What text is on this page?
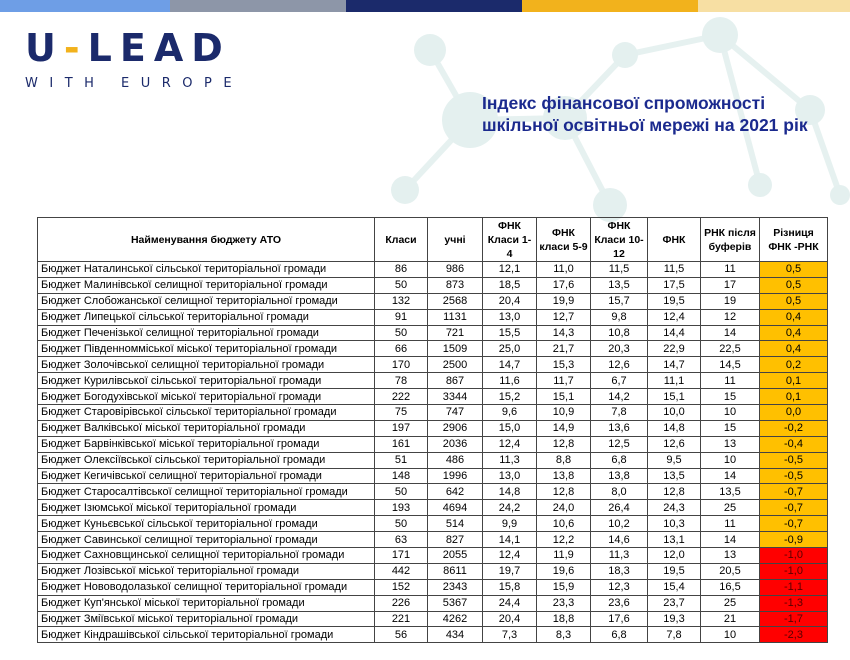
U-LEAD
WITH EUROPE
Індекс фінансової спроможності
шкільної освітньої мережі на 2021 рік
Найменування бюджету АТО	Класи	учні	ФНК Класи 1-4	ФНК класи 5-9	ФНК Класи 10-12	ФНК	РНК після буферів	Різниця ФНК -РНК
Бюджет Наталинської сільської територіальної громади	86	986	12,1	11,0	11,5	11,5	11	0,5
Бюджет Малинівської селищної територіальної громади	50	873	18,5	17,6	13,5	17,5	17	0,5
Бюджет Слобожанської селищної територіальної громади	132	2568	20,4	19,9	15,7	19,5	19	0,5
Бюджет Липецької сільської територіальної громади	91	1131	13,0	12,7	9,8	12,4	12	0,4
Бюджет Печенізької селищної територіальної громади	50	721	15,5	14,3	10,8	14,4	14	0,4
Бюджет Південномміської міської територіальної громади	66	1509	25,0	21,7	20,3	22,9	22,5	0,4
Бюджет Золочівської селищної територіальної громади	170	2500	14,7	15,3	12,6	14,7	14,5	0,2
Бюджет Курилівської сільської територіальної громади	78	867	11,6	11,7	6,7	11,1	11	0,1
Бюджет Богодухівської міської територіальної громади	222	3344	15,2	15,1	14,2	15,1	15	0,1
Бюджет Старовірівської сільської територіальної громади	75	747	9,6	10,9	7,8	10,0	10	0,0
Бюджет Валківської міської територіальної громади	197	2906	15,0	14,9	13,6	14,8	15	-0,2
Бюджет Барвінківської міської територіальної громади	161	2036	12,4	12,8	12,5	12,6	13	-0,4
Бюджет Олексіївської сільської територіальної громади	51	486	11,3	8,8	6,8	9,5	10	-0,5
Бюджет Кегичівської селищної територіальної громади	148	1996	13,0	13,8	13,8	13,5	14	-0,5
Бюджет Старосалтівської селищної територіальної громади	50	642	14,8	12,8	8,0	12,8	13,5	-0,7
Бюджет Ізюмської міської територіальної громади	193	4694	24,2	24,0	26,4	24,3	25	-0,7
Бюджет Куньєвської сільської територіальної громади	50	514	9,9	10,6	10,2	10,3	11	-0,7
Бюджет Савинської селищної територіальної громади	63	827	14,1	12,2	14,6	13,1	14	-0,9
Бюджет Сахновщинської селищної територіальної громади	171	2055	12,4	11,9	11,3	12,0	13	-1,0
Бюджет Лозівської міської територіальної громади	442	8611	19,7	19,6	18,3	19,5	20,5	-1,0
Бюджет Нововодолазької селищної територіальної громади	152	2343	15,8	15,9	12,3	15,4	16,5	-1,1
Бюджет Куп'янської міської територіальної громади	226	5367	24,4	23,3	23,6	23,7	25	-1,3
Бюджет Зміївської міської територіальної громади	221	4262	20,4	18,8	17,6	19,3	21	-1,7
Бюджет Кіндрашівської сільської територіальної громади	56	434	7,3	8,3	6,8	7,8	10	-2,3
